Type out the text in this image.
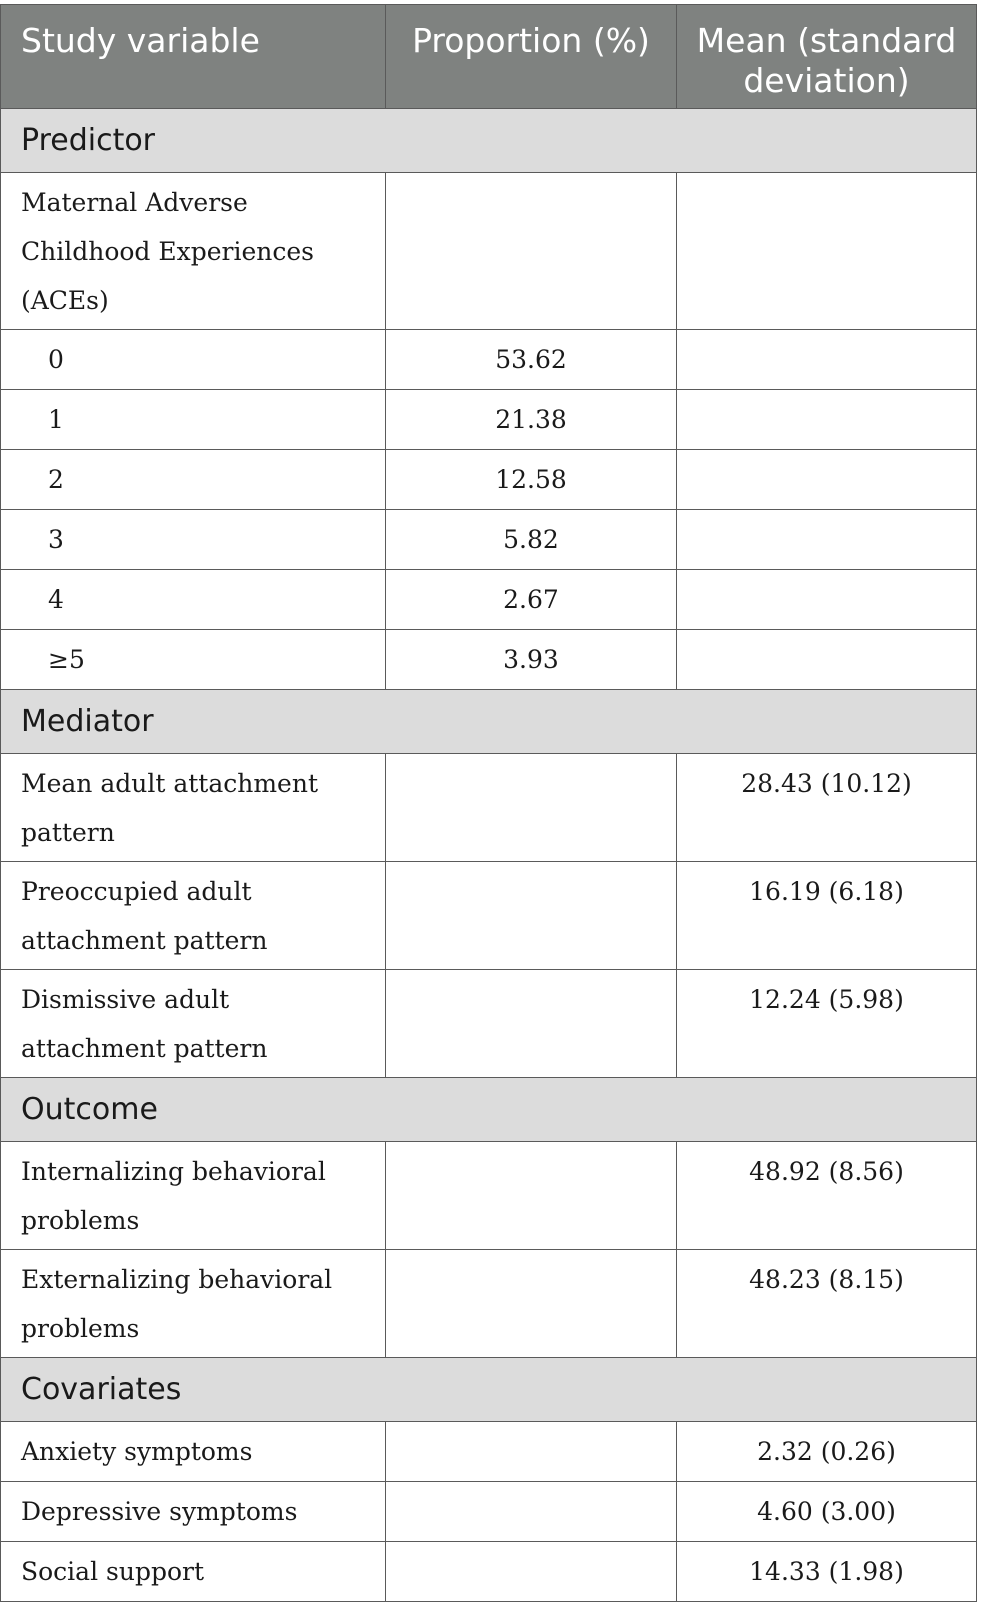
Study variable	Proportion (%)	Mean (standard deviation)
Predictor		
Maternal Adverse Childhood Experiences (ACEs)		
0	53.62	
1	21.38	
2	12.58	
3	5.82	
4	2.67	
≥5	3.93	
Mediator		
Mean adult attachment pattern		28.43 (10.12)
Preoccupied adult attachment pattern		16.19 (6.18)
Dismissive adult attachment pattern		12.24 (5.98)
Outcome		
Internalizing behavioral problems		48.92 (8.56)
Externalizing behavioral problems		48.23 (8.15)
Covariates		
Anxiety symptoms		2.32 (0.26)
Depressive symptoms		4.60 (3.00)
Social support		14.33 (1.98)
